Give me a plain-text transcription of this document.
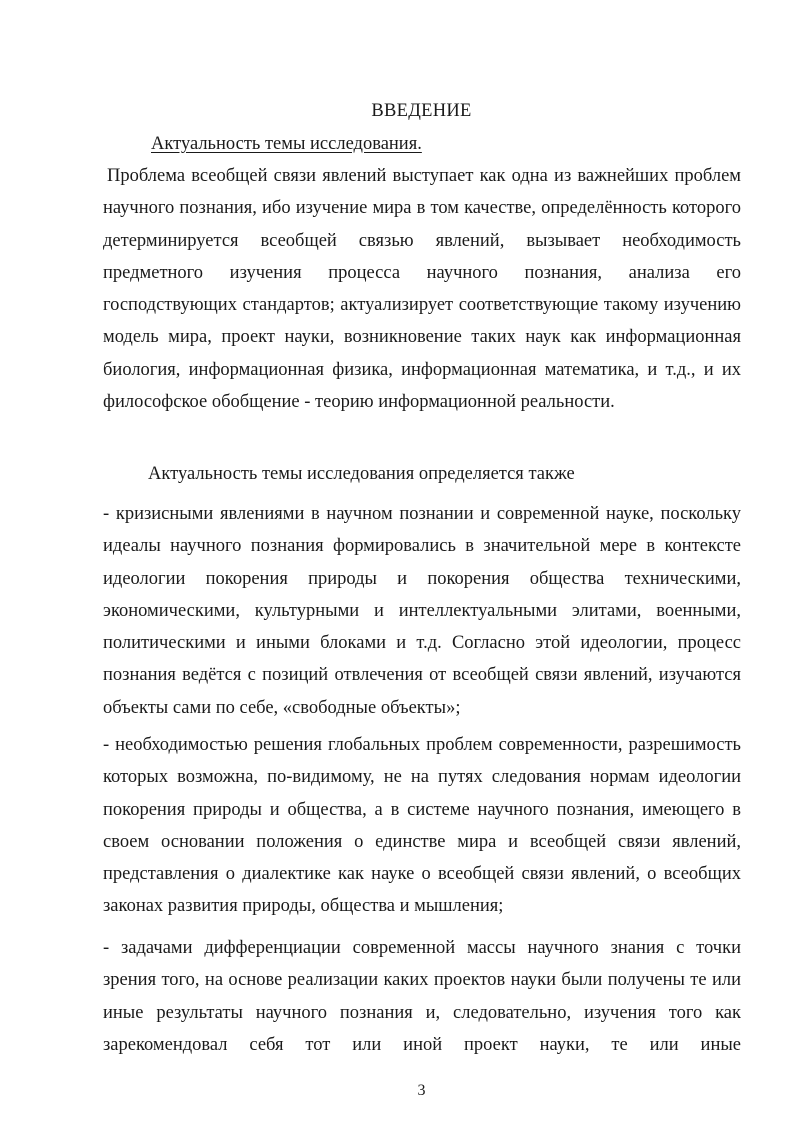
ВВЕДЕНИЕ
Актуальность темы исследования.

Проблема всеобщей связи явлений выступает как одна из важнейших проблем научного познания, ибо изучение мира в том качестве, определённость которого детерминируется всеобщей связью явлений, вызывает необходимость предметного изучения процесса научного познания, анализа его господствующих стандартов; актуализирует соответствующие такому изучению модель мира, проект науки, возникновение таких наук как информационная биология, информационная физика, информационная математика, и т.д., и их философское обобщение - теорию информационной реальности.

Актуальность темы исследования определяется также

- кризисными явлениями в научном познании и современной науке, поскольку идеалы научного познания формировались в значительной мере в контексте идеологии покорения природы и покорения общества техническими, экономическими, культурными и интеллектуальными элитами, военными, политическими и иными блоками и т.д. Согласно этой идеологии, процесс познания ведётся с позиций отвлечения от всеобщей связи явлений, изучаются объекты сами по себе, «свободные объекты»;

- необходимостью решения глобальных проблем современности, разрешимость которых возможна, по-видимому, не на путях следования нормам идеологии покорения природы и общества, а в системе научного познания, имеющего в своем основании положения о единстве мира и всеобщей связи явлений, представления о диалектике как науке о всеобщей связи явлений, о всеобщих законах развития природы, общества и мышления;

- задачами дифференциации современной массы научного знания с точки зрения того, на основе реализации каких проектов науки были получены те или иные результаты научного познания и, следовательно, изучения того как зарекомендовал себя тот или иной проект науки, те или иные

3
